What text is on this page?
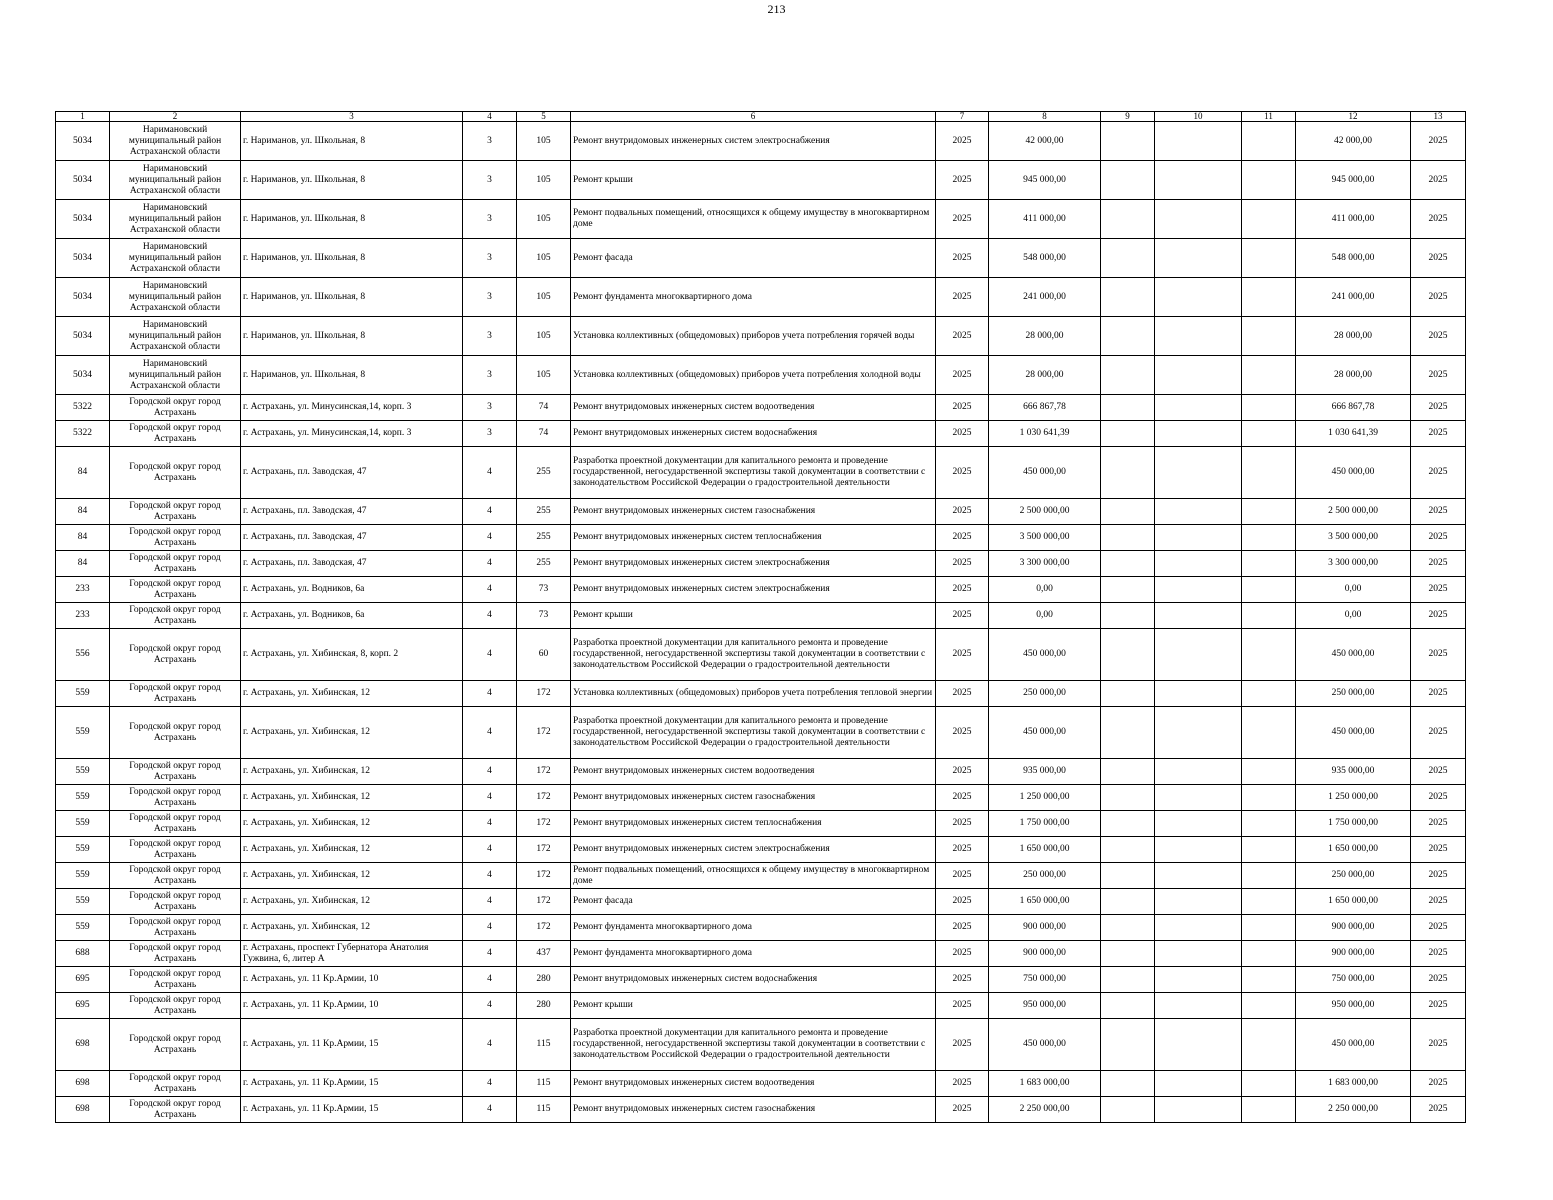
213
1	2	3	4	5	6	7	8	9	10	11	12	13
5034	Наримановский муниципальный район Астраханской области	г. Нариманов, ул. Школьная, 8	3	105	Ремонт внутридомовых инженерных систем электроснабжения	2025	42 000,00				42 000,00	2025
5034	Наримановский муниципальный район Астраханской области	г. Нариманов, ул. Школьная, 8	3	105	Ремонт крыши	2025	945 000,00				945 000,00	2025
5034	Наримановский муниципальный район Астраханской области	г. Нариманов, ул. Школьная, 8	3	105	Ремонт подвальных помещений, относящихся к общему имуществу в многоквартирном доме	2025	411 000,00				411 000,00	2025
5034	Наримановский муниципальный район Астраханской области	г. Нариманов, ул. Школьная, 8	3	105	Ремонт фасада	2025	548 000,00				548 000,00	2025
5034	Наримановский муниципальный район Астраханской области	г. Нариманов, ул. Школьная, 8	3	105	Ремонт фундамента многоквартирного дома	2025	241 000,00				241 000,00	2025
5034	Наримановский муниципальный район Астраханской области	г. Нариманов, ул. Школьная, 8	3	105	Установка коллективных (общедомовых) приборов учета потребления горячей воды	2025	28 000,00				28 000,00	2025
5034	Наримановский муниципальный район Астраханской области	г. Нариманов, ул. Школьная, 8	3	105	Установка коллективных (общедомовых) приборов учета потребления холодной воды	2025	28 000,00				28 000,00	2025
5322	Городской округ город Астрахань	г. Астрахань, ул. Минусинская,14, корп. 3	3	74	Ремонт внутридомовых инженерных систем водоотведения	2025	666 867,78				666 867,78	2025
5322	Городской округ город Астрахань	г. Астрахань, ул. Минусинская,14, корп. 3	3	74	Ремонт внутридомовых инженерных систем водоснабжения	2025	1 030 641,39				1 030 641,39	2025
84	Городской округ город Астрахань	г. Астрахань, пл. Заводская, 47	4	255	Разработка проектной документации для капитального ремонта и проведение государственной, негосударственной экспертизы такой документации в соответствии с законодательством Российской Федерации о градостроительной деятельности	2025	450 000,00				450 000,00	2025
84	Городской округ город Астрахань	г. Астрахань, пл. Заводская, 47	4	255	Ремонт внутридомовых инженерных систем газоснабжения	2025	2 500 000,00				2 500 000,00	2025
84	Городской округ город Астрахань	г. Астрахань, пл. Заводская, 47	4	255	Ремонт внутридомовых инженерных систем теплоснабжения	2025	3 500 000,00				3 500 000,00	2025
84	Городской округ город Астрахань	г. Астрахань, пл. Заводская, 47	4	255	Ремонт внутридомовых инженерных систем электроснабжения	2025	3 300 000,00				3 300 000,00	2025
233	Городской округ город Астрахань	г. Астрахань, ул. Водников, 6а	4	73	Ремонт внутридомовых инженерных систем электроснабжения	2025	0,00				0,00	2025
233	Городской округ город Астрахань	г. Астрахань, ул. Водников, 6а	4	73	Ремонт крыши	2025	0,00				0,00	2025
556	Городской округ город Астрахань	г. Астрахань, ул. Хибинская, 8, корп. 2	4	60	Разработка проектной документации для капитального ремонта и проведение государственной, негосударственной экспертизы такой документации в соответствии с законодательством Российской Федерации о градостроительной деятельности	2025	450 000,00				450 000,00	2025
559	Городской округ город Астрахань	г. Астрахань, ул. Хибинская, 12	4	172	Установка коллективных (общедомовых) приборов учета потребления тепловой энергии	2025	250 000,00				250 000,00	2025
559	Городской округ город Астрахань	г. Астрахань, ул. Хибинская, 12	4	172	Разработка проектной документации для капитального ремонта и проведение государственной, негосударственной экспертизы такой документации в соответствии с законодательством Российской Федерации о градостроительной деятельности	2025	450 000,00				450 000,00	2025
559	Городской округ город Астрахань	г. Астрахань, ул. Хибинская, 12	4	172	Ремонт внутридомовых инженерных систем водоотведения	2025	935 000,00				935 000,00	2025
559	Городской округ город Астрахань	г. Астрахань, ул. Хибинская, 12	4	172	Ремонт внутридомовых инженерных систем газоснабжения	2025	1 250 000,00				1 250 000,00	2025
559	Городской округ город Астрахань	г. Астрахань, ул. Хибинская, 12	4	172	Ремонт внутридомовых инженерных систем теплоснабжения	2025	1 750 000,00				1 750 000,00	2025
559	Городской округ город Астрахань	г. Астрахань, ул. Хибинская, 12	4	172	Ремонт внутридомовых инженерных систем электроснабжения	2025	1 650 000,00				1 650 000,00	2025
559	Городской округ город Астрахань	г. Астрахань, ул. Хибинская, 12	4	172	Ремонт подвальных помещений, относящихся к общему имуществу в многоквартирном доме	2025	250 000,00				250 000,00	2025
559	Городской округ город Астрахань	г. Астрахань, ул. Хибинская, 12	4	172	Ремонт фасада	2025	1 650 000,00				1 650 000,00	2025
559	Городской округ город Астрахань	г. Астрахань, ул. Хибинская, 12	4	172	Ремонт фундамента многоквартирного дома	2025	900 000,00				900 000,00	2025
688	Городской округ город Астрахань	г. Астрахань, проспект Губернатора Анатолия Гужвина, 6, литер А	4	437	Ремонт фундамента многоквартирного дома	2025	900 000,00				900 000,00	2025
695	Городской округ город Астрахань	г. Астрахань, ул. 11 Кр.Армии, 10	4	280	Ремонт внутридомовых инженерных систем водоснабжения	2025	750 000,00				750 000,00	2025
695	Городской округ город Астрахань	г. Астрахань, ул. 11 Кр.Армии, 10	4	280	Ремонт крыши	2025	950 000,00				950 000,00	2025
698	Городской округ город Астрахань	г. Астрахань, ул. 11 Кр.Армии, 15	4	115	Разработка проектной документации для капитального ремонта и проведение государственной, негосударственной экспертизы такой документации в соответствии с законодательством Российской Федерации о градостроительной деятельности	2025	450 000,00				450 000,00	2025
698	Городской округ город Астрахань	г. Астрахань, ул. 11 Кр.Армии, 15	4	115	Ремонт внутридомовых инженерных систем водоотведения	2025	1 683 000,00				1 683 000,00	2025
698	Городской округ город Астрахань	г. Астрахань, ул. 11 Кр.Армии, 15	4	115	Ремонт внутридомовых инженерных систем газоснабжения	2025	2 250 000,00				2 250 000,00	2025
